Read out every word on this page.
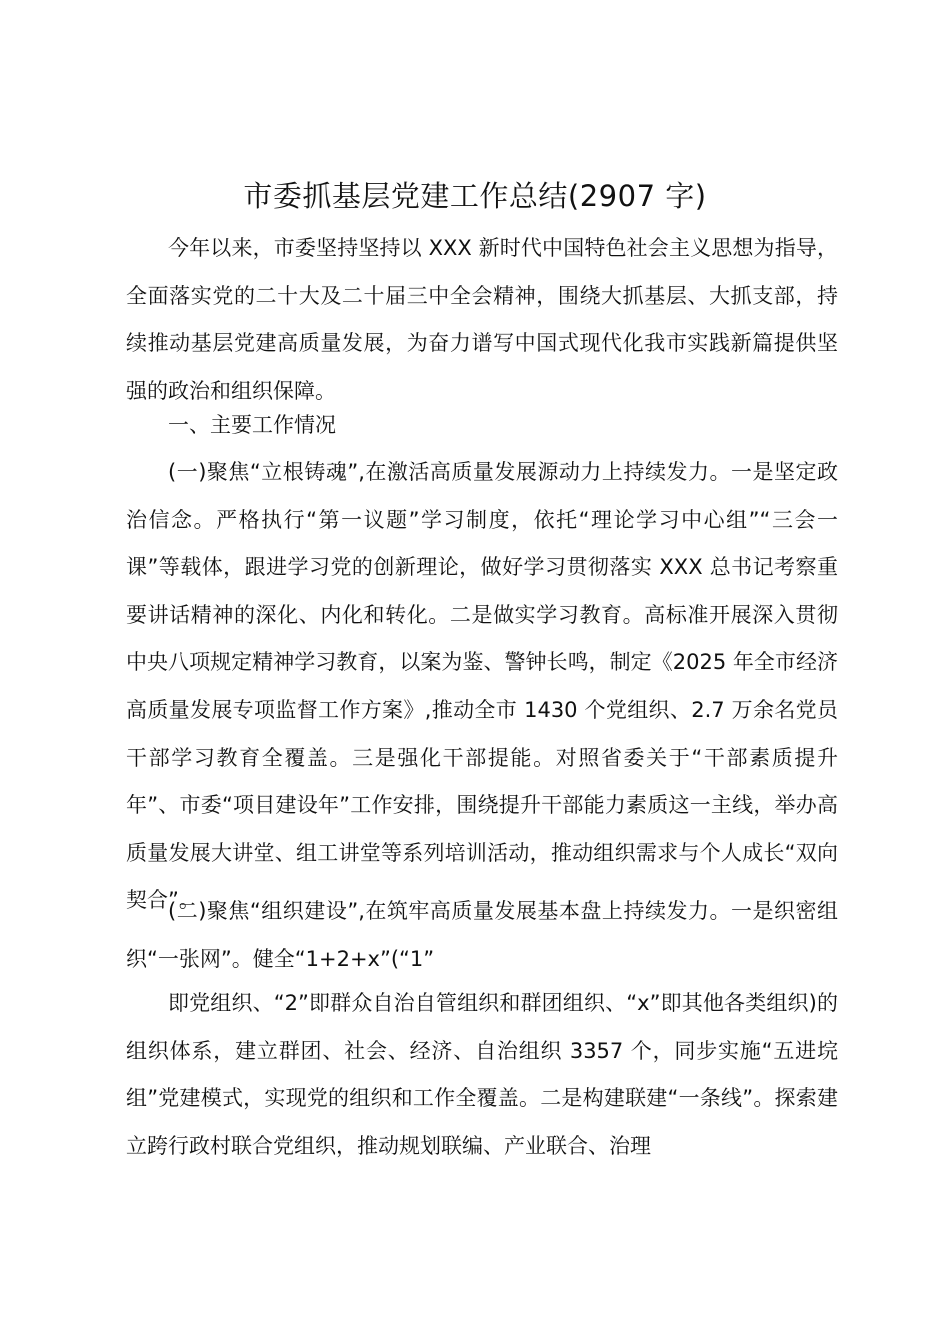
市委抓基层党建工作总结(2907 字)

今年以来，市委坚持坚持以 XXX 新时代中国特色社会主义思想为指导，全面落实党的二十大及二十届三中全会精神，围绕大抓基层、大抓支部，持续推动基层党建高质量发展，为奋力谱写中国式现代化我市实践新篇提供坚强的政治和组织保障。

一、主要工作情况

(一)聚焦“立根铸魂”,在激活高质量发展源动力上持续发力。一是坚定政治信念。严格执行“第一议题”学习制度，依托“理论学习中心组”“三会一课”等载体，跟进学习党的创新理论，做好学习贯彻落实 XXX 总书记考察重要讲话精神的深化、内化和转化。二是做实学习教育。高标准开展深入贯彻中央八项规定精神学习教育，以案为鉴、警钟长鸣，制定《2025 年全市经济高质量发展专项监督工作方案》,推动全市 1430 个党组织、2.7 万余名党员干部学习教育全覆盖。三是强化干部提能。对照省委关于“干部素质提升年”、市委“项目建设年”工作安排，围绕提升干部能力素质这一主线，举办高质量发展大讲堂、组工讲堂等系列培训活动，推动组织需求与个人成长“双向契合”。

(二)聚焦“组织建设”,在筑牢高质量发展基本盘上持续发力。一是织密组织“一张网”。健全“1+2+x”(“1”

即党组织、“2”即群众自治自管组织和群团组织、“x”即其他各类组织)的组织体系，建立群团、社会、经济、自治组织 3357 个，同步实施“五进垸组”党建模式，实现党的组织和工作全覆盖。二是构建联建“一条线”。探索建立跨行政村联合党组织，推动规划联编、产业联合、治理
